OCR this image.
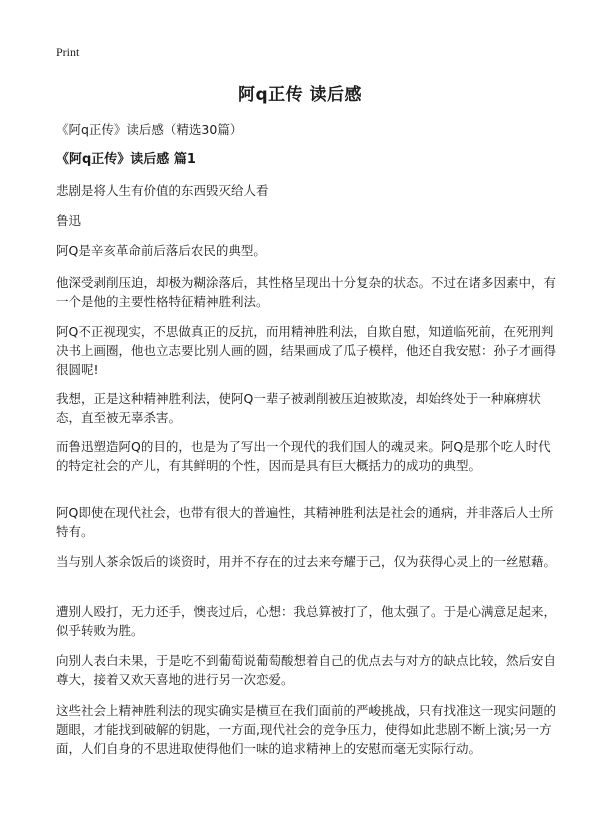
Print
阿q正传 读后感
《阿q正传》读后感（精选30篇）
《阿q正传》读后感 篇1
悲剧是将人生有价值的东西毁灭给人看
鲁迅
阿Q是辛亥革命前后落后农民的典型。
他深受剥削压迫，却极为糊涂落后，其性格呈现出十分复杂的状态。不过在诸多因素中，有一个是他的主要性格特征精神胜利法。
阿Q不正视现实，不思做真正的反抗，而用精神胜利法，自欺自慰，知道临死前，在死刑判决书上画圈，他也立志要比别人画的圆，结果画成了瓜子模样，他还自我安慰：孙子才画得很圆呢!
我想，正是这种精神胜利法，使阿Q一辈子被剥削被压迫被欺凌，却始终处于一种麻痹状态，直至被无辜杀害。
而鲁迅塑造阿Q的目的，也是为了写出一个现代的我们国人的魂灵来。阿Q是那个吃人时代的特定社会的产儿，有其鲜明的个性，因而是具有巨大概括力的成功的典型。
阿Q即使在现代社会，也带有很大的普遍性，其精神胜利法是社会的通病，并非落后人士所特有。
当与别人茶余饭后的谈资时，用并不存在的过去来夸耀于己，仅为获得心灵上的一丝慰藉。
遭别人殴打，无力还手，懊丧过后，心想：我总算被打了，他太强了。于是心满意足起来，似乎转败为胜。
向别人表白未果，于是吃不到葡萄说葡萄酸想着自己的优点去与对方的缺点比较，然后安自尊大，接着又欢天喜地的进行另一次恋爱。
这些社会上精神胜利法的现实确实是横亘在我们面前的严峻挑战，只有找准这一现实问题的题眼，才能找到破解的钥匙，一方面,现代社会的竞争压力，使得如此悲剧不断上演;另一方面，人们自身的不思进取使得他们一味的追求精神上的安慰而毫无实际行动。
